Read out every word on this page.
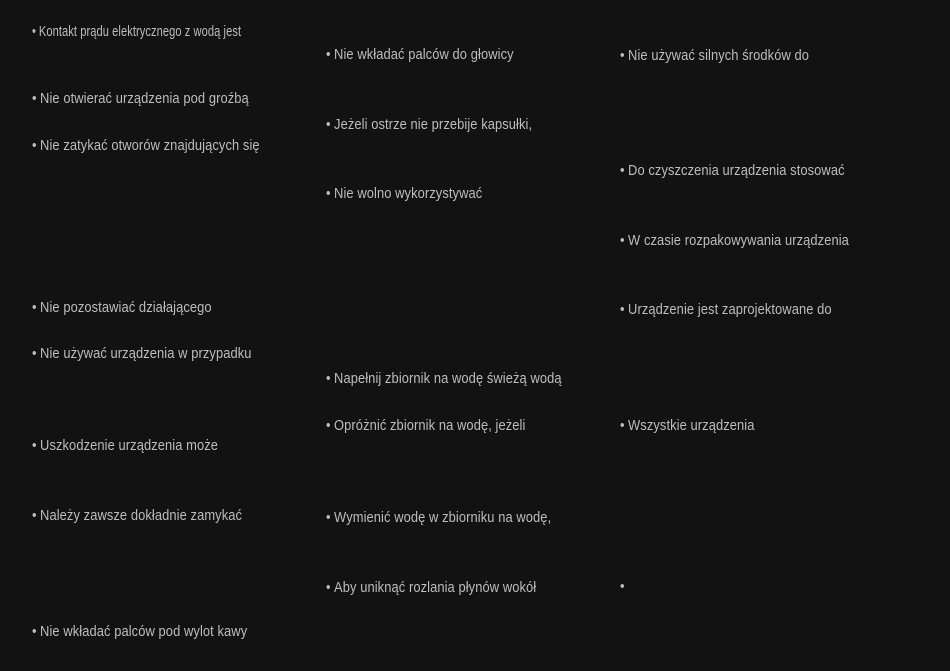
• Kontakt prądu elektrycznego z wodą jest
• Nie otwierać urządzenia pod groźbą
• Nie zatykać otworów znajdujących się
• Nie pozostawiać działającego
• Nie używać urządzenia w przypadku
• Uszkodzenie urządzenia może
• Należy zawsze dokładnie zamykać
• Nie wkładać palców pod wylot kawy
• Nie wkładać palców do głowicy
• Jeżeli ostrze nie przebije kapsułki,
• Nie wolno wykorzystywać
• Napełnij zbiornik na wodę świeżą wodą
• Opróżnić zbiornik na wodę, jeżeli
• Wymienić wodę w zbiorniku na wodę,
• Aby uniknąć rozlania płynów wokół
• Nie używać silnych środków do
• Do czyszczenia urządzenia stosować
• W czasie rozpakowywania urządzenia
• Urządzenie jest zaprojektowane do
• Wszystkie urządzenia
•
